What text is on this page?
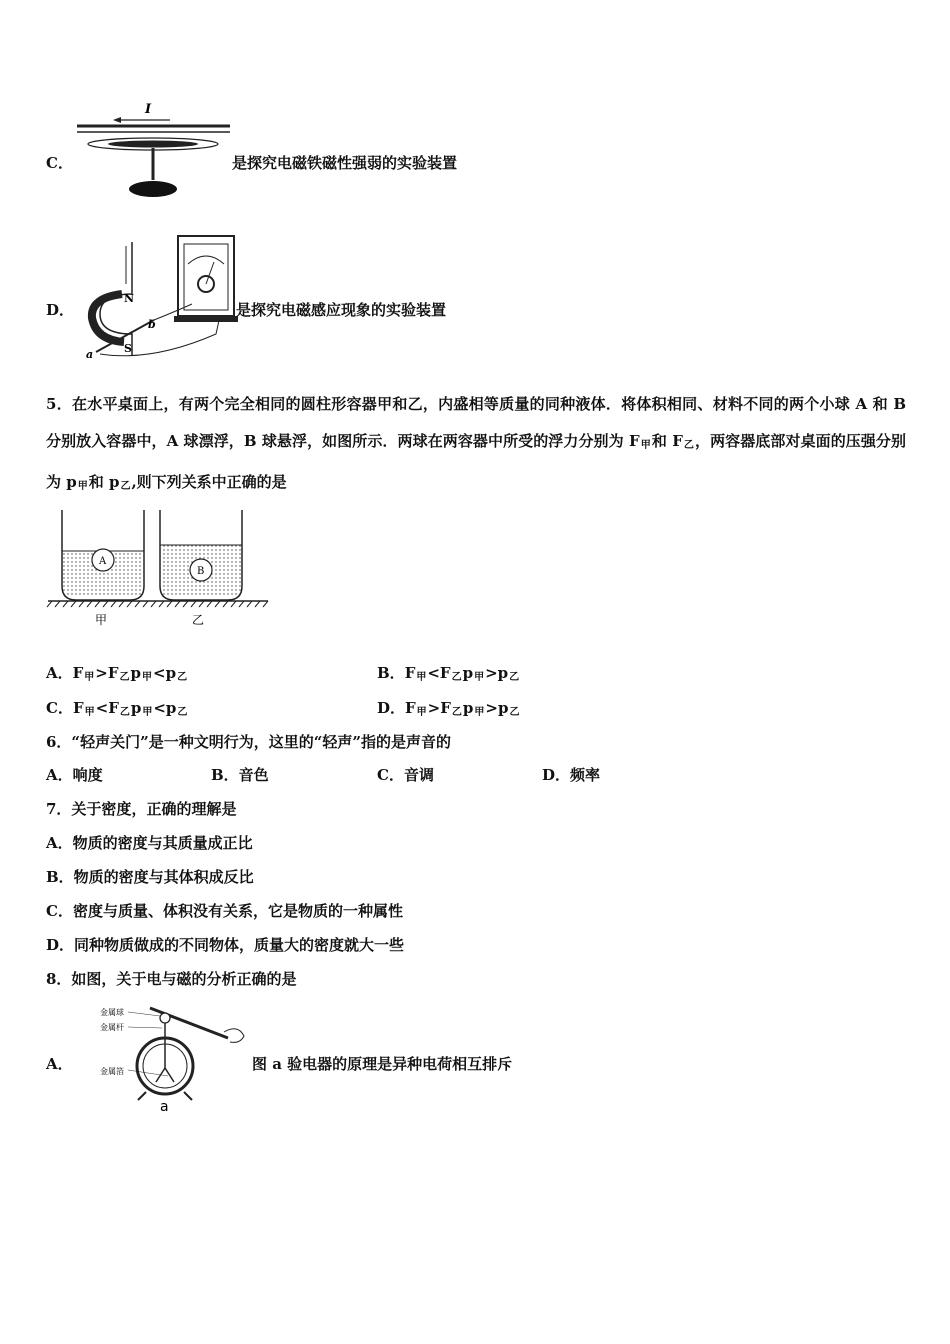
C．
I
是探究电磁铁磁性强弱的实验装置
D．
N
S
a
b
是探究电磁感应现象的实验装置
5．在水平桌面上，有两个完全相同的圆柱形容器甲和乙，内盛相等质量的同种液体．将体积相同、材料不同的两个小球 A 和 B 分别放入容器中，A 球漂浮，B 球悬浮，如图所示．两球在两容器中所受的浮力分别为 $F_甲$和 $F_乙$，两容器底部对桌面的压强分别为 $p_甲$和 $p_乙$,则下列关系中正确的是
A
B
甲	乙
A．$F_甲>F_乙p_甲<p_乙$	B．$F_甲<F_乙p_甲>p_乙$
C．$F_甲<F_乙p_甲<p_乙$	D．$F_甲>F_乙p_甲>p_乙$
6．“轻声关门”是一种文明行为，这里的“轻声”指的是声音的
A．响度	B．音色	C．音调	D．频率
7．关于密度，正确的理解是
A．物质的密度与其质量成正比
B．物质的密度与其体积成反比
C．密度与质量、体积没有关系，它是物质的一种属性
D．同种物质做成的不同物体，质量大的密度就大一些
8．如图，关于电与磁的分析正确的是
A．
金属球
金属杆
金属箔
a
图 a 验电器的原理是异种电荷相互排斥
